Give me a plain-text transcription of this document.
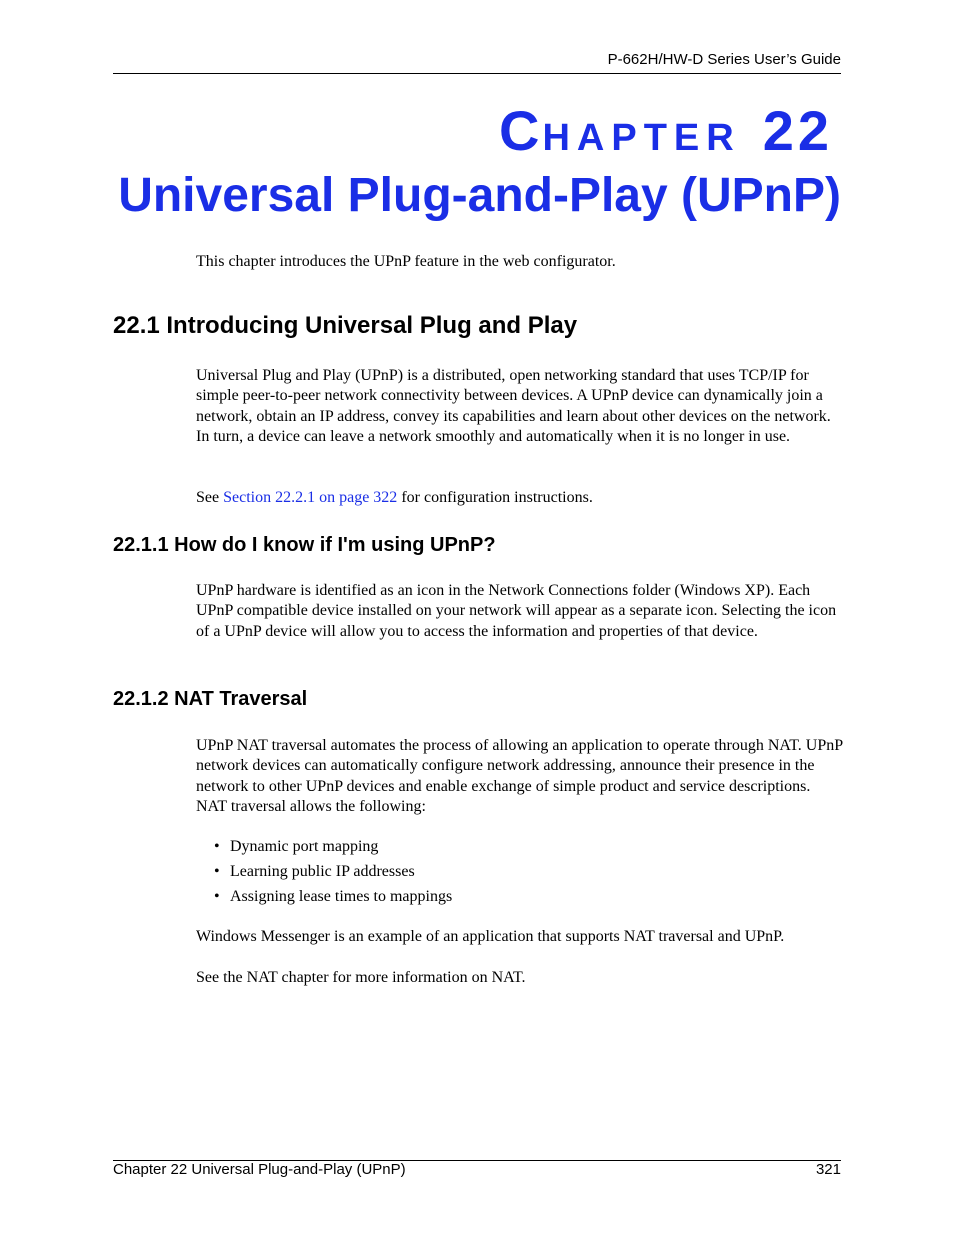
P-662H/HW-D Series User’s Guide
CHAPTER 22
Universal Plug-and-Play (UPnP)
This chapter introduces the UPnP feature in the web configurator.
22.1 Introducing Universal Plug and Play
Universal Plug and Play (UPnP) is a distributed, open networking standard that uses TCP/IP for simple peer-to-peer network connectivity between devices. A UPnP device can dynamically join a network, obtain an IP address, convey its capabilities and learn about other devices on the network. In turn, a device can leave a network smoothly and automatically when it is no longer in use.
See Section 22.2.1 on page 322 for configuration instructions.
22.1.1 How do I know if I'm using UPnP?
UPnP hardware is identified as an icon in the Network Connections folder (Windows XP). Each UPnP compatible device installed on your network will appear as a separate icon. Selecting the icon of a UPnP device will allow you to access the information and properties of that device.
22.1.2 NAT Traversal
UPnP NAT traversal automates the process of allowing an application to operate through NAT. UPnP network devices can automatically configure network addressing, announce their presence in the network to other UPnP devices and enable exchange of simple product and service descriptions. NAT traversal allows the following:
• Dynamic port mapping
• Learning public IP addresses
• Assigning lease times to mappings
Windows Messenger is an example of an application that supports NAT traversal and UPnP.
See the NAT chapter for more information on NAT.
Chapter 22 Universal Plug-and-Play (UPnP)	321
